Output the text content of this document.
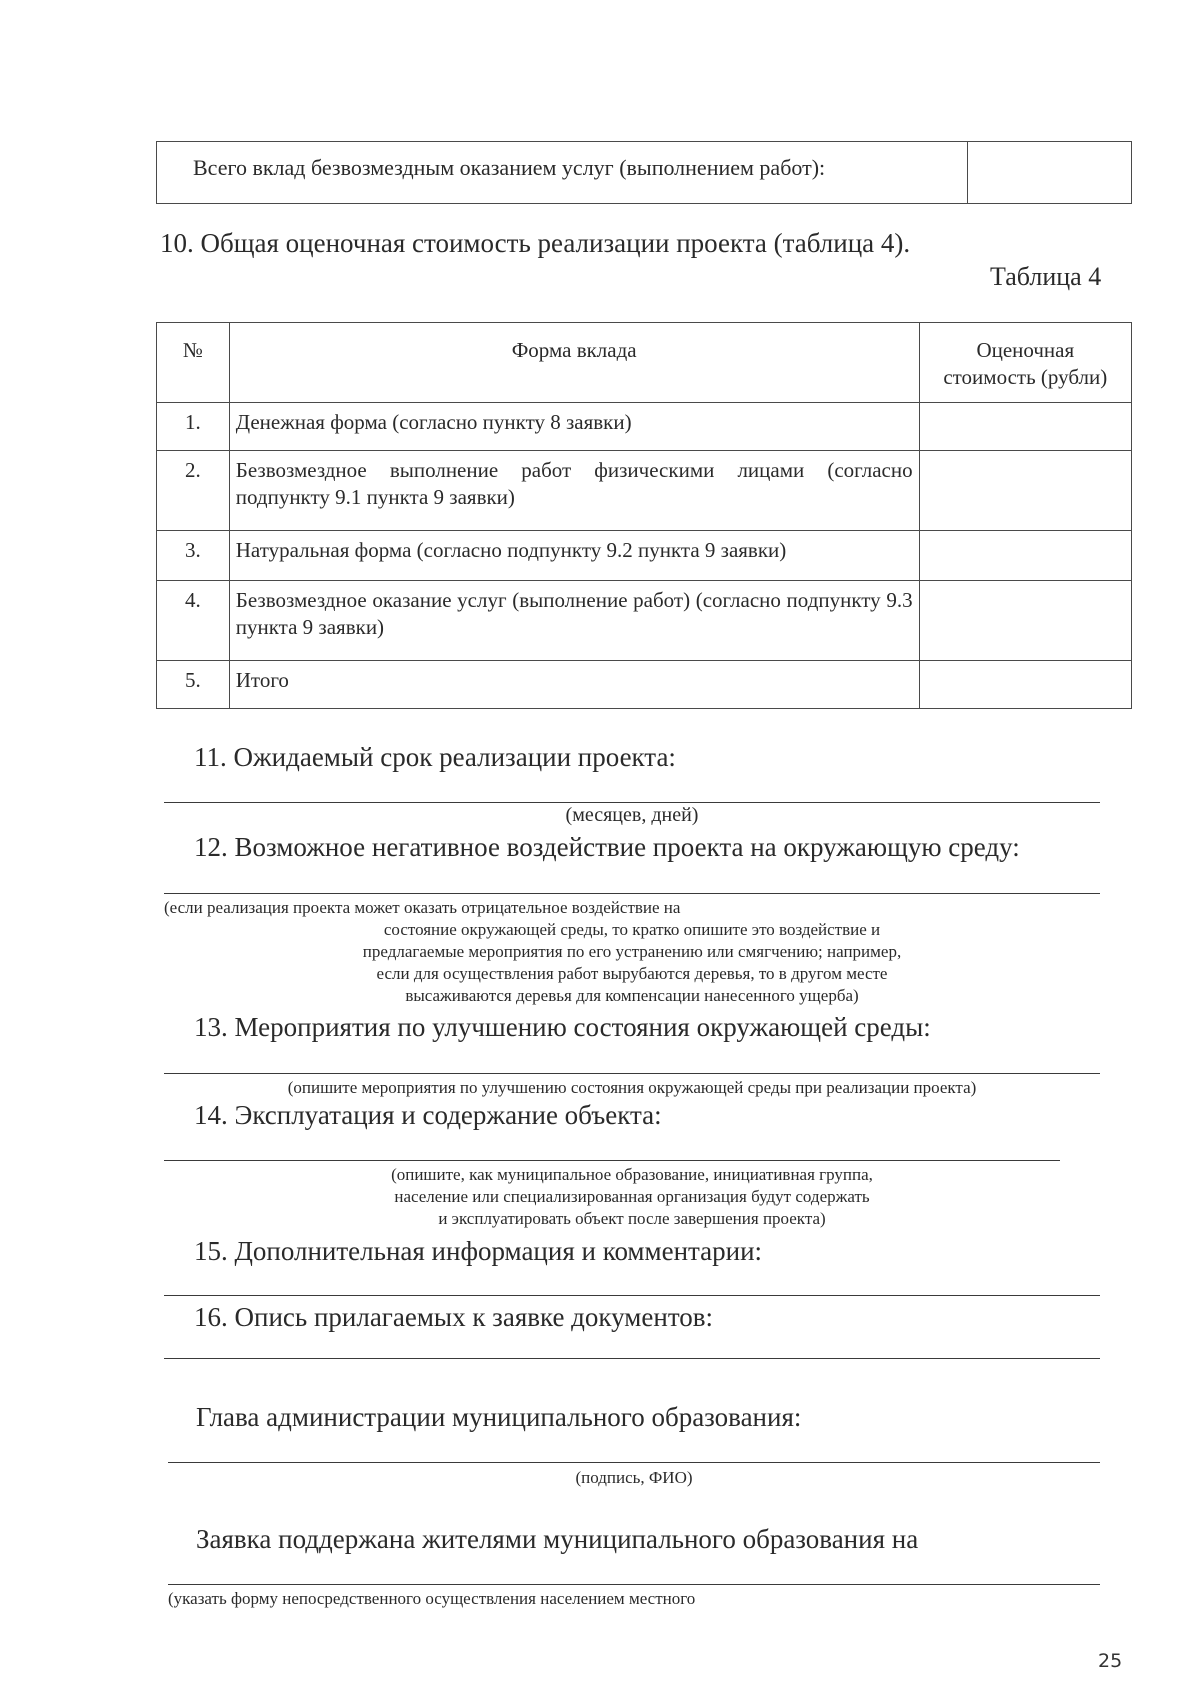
Всего вклад безвозмездным оказанием услуг (выполнением работ):	
10. Общая оценочная стоимость реализации проекта (таблица 4).
Таблица 4
№	Форма вклада	Оценочная
стоимость (рубли)

1.	Денежная форма (согласно пункту 8 заявки)	
2.	Безвозмездное выполнение работ физическими лицами (согласно подпункту 9.1 пункта 9 заявки)	
3.	Натуральная форма (согласно подпункту 9.2 пункта 9 заявки)	
4.	Безвозмездное оказание услуг (выполнение работ) (согласно подпункту 9.3 пункта 9 заявки)	
5.	Итого	
11. Ожидаемый срок реализации проекта:
(месяцев, дней)
12. Возможное негативное воздействие проекта на окружающую среду:
(если реализация проекта может оказать отрицательное воздействие на
состояние окружающей среды, то кратко опишите это воздействие и
предлагаемые мероприятия по его устранению или смягчению; например,
если для осуществления работ вырубаются деревья, то в другом месте
высаживаются деревья для компенсации нанесенного ущерба)
13. Мероприятия по улучшению состояния окружающей среды:
(опишите мероприятия по улучшению состояния окружающей среды при реализации проекта)
14. Эксплуатация и содержание объекта:
(опишите, как муниципальное образование, инициативная группа,
население или специализированная организация будут содержать
и эксплуатировать объект после завершения проекта)
15. Дополнительная информация и комментарии:
16. Опись прилагаемых к заявке документов:
Глава администрации муниципального образования:
(подпись, ФИО)
Заявка поддержана жителями муниципального образования на
(указать форму непосредственного осуществления населением местного
25
